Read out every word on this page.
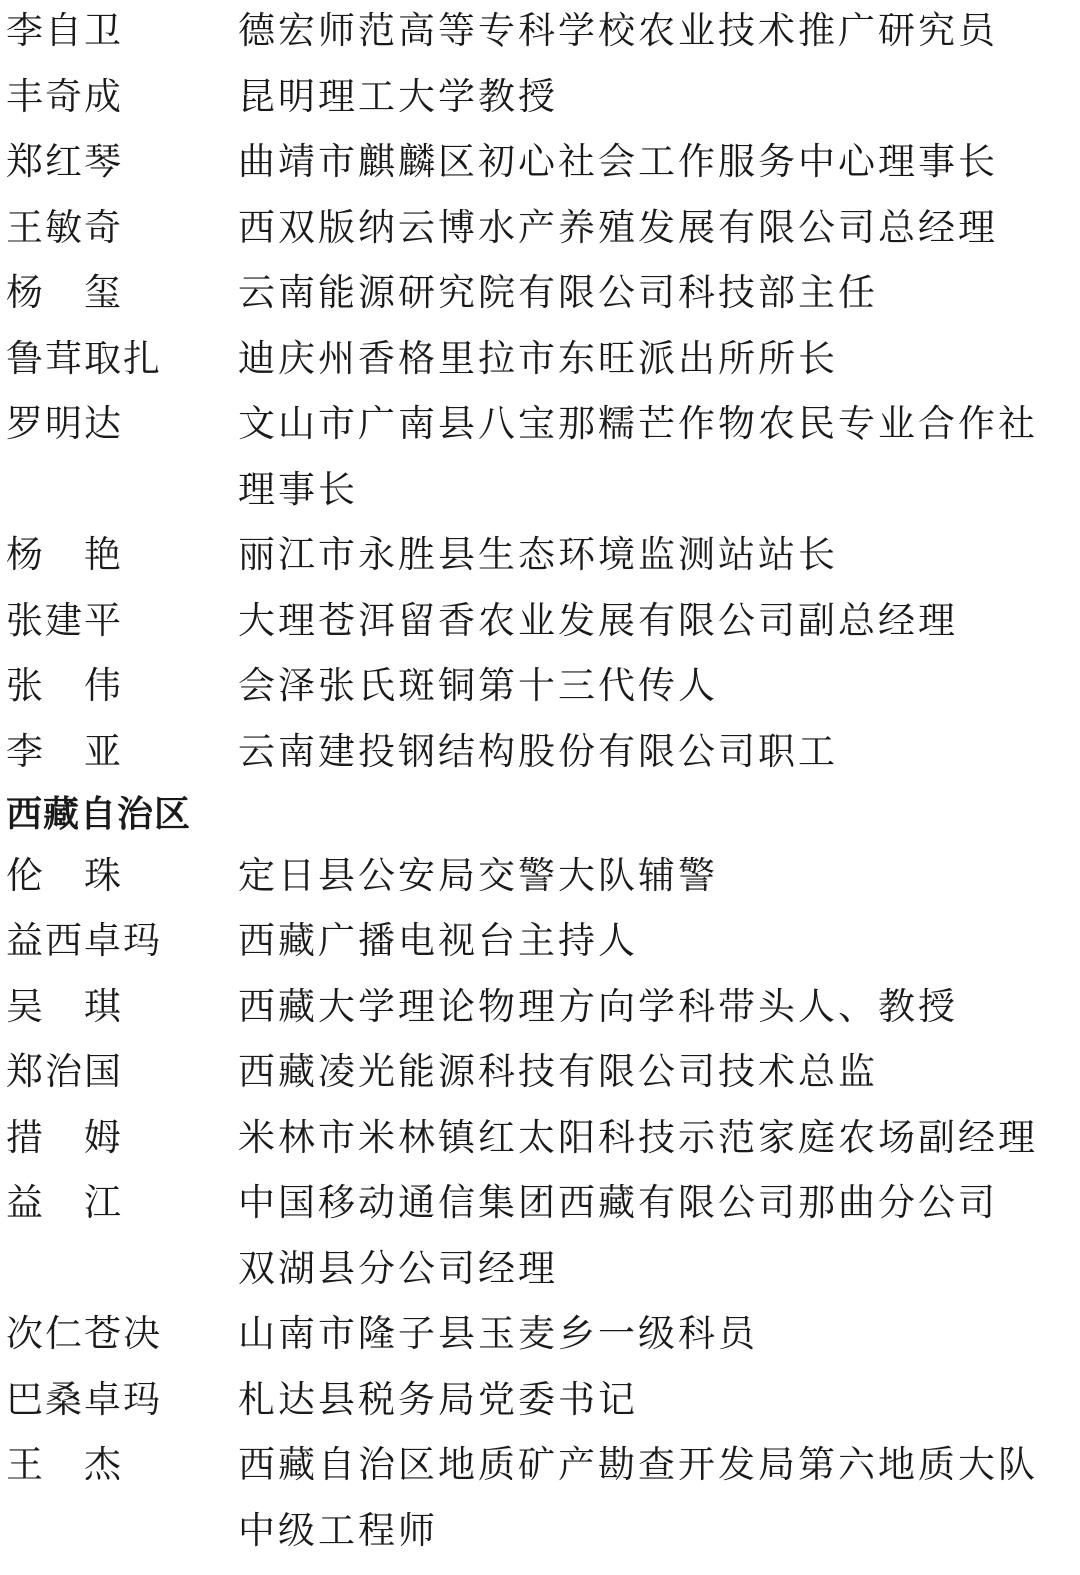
李自卫	德宏师范高等专科学校农业技术推广研究员
丰奇成	昆明理工大学教授
郑红琴	曲靖市麒麟区初心社会工作服务中心理事长
王敏奇	西双版纳云博水产养殖发展有限公司总经理
杨　玺	云南能源研究院有限公司科技部主任
鲁茸取扎	迪庆州香格里拉市东旺派出所所长
罗明达	文山市广南县八宝那糯芒作物农民专业合作社
理事长
杨　艳	丽江市永胜县生态环境监测站站长
张建平	大理苍洱留香农业发展有限公司副总经理
张　伟	会泽张氏斑铜第十三代传人
李　亚	云南建投钢结构股份有限公司职工
西藏自治区
伦　珠	定日县公安局交警大队辅警
益西卓玛	西藏广播电视台主持人
吴　琪	西藏大学理论物理方向学科带头人、教授
郑治国	西藏凌光能源科技有限公司技术总监
措　姆	米林市米林镇红太阳科技示范家庭农场副经理
益　江	中国移动通信集团西藏有限公司那曲分公司
双湖县分公司经理
次仁苍决	山南市隆子县玉麦乡一级科员
巴桑卓玛	札达县税务局党委书记
王　杰	西藏自治区地质矿产勘查开发局第六地质大队
中级工程师
